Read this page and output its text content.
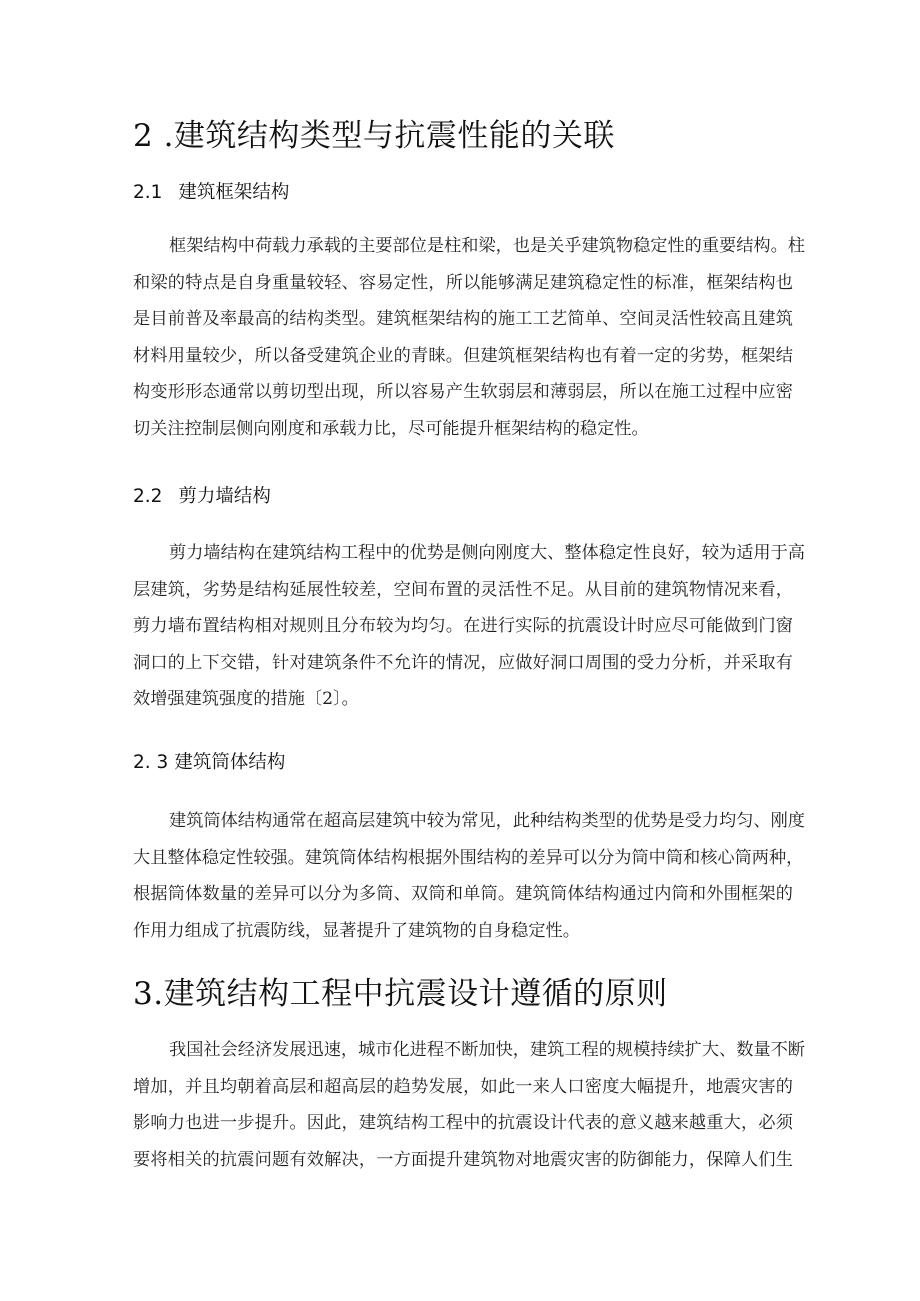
2 .建筑结构类型与抗震性能的关联
2.1 建筑框架结构
框架结构中荷载力承载的主要部位是柱和梁，也是关乎建筑物稳定性的重要结构。柱
和梁的特点是自身重量较轻、容易定性，所以能够满足建筑稳定性的标准，框架结构也
是目前普及率最高的结构类型。建筑框架结构的施工工艺简单、空间灵活性较高且建筑
材料用量较少，所以备受建筑企业的青睐。但建筑框架结构也有着一定的劣势，框架结
构变形形态通常以剪切型出现，所以容易产生软弱层和薄弱层，所以在施工过程中应密
切关注控制层侧向刚度和承载力比，尽可能提升框架结构的稳定性。
2.2 剪力墙结构
剪力墙结构在建筑结构工程中的优势是侧向刚度大、整体稳定性良好，较为适用于高
层建筑，劣势是结构延展性较差，空间布置的灵活性不足。从目前的建筑物情况来看，
剪力墙布置结构相对规则且分布较为均匀。在进行实际的抗震设计时应尽可能做到门窗
洞口的上下交错，针对建筑条件不允许的情况，应做好洞口周围的受力分析，并采取有
效增强建筑强度的措施〔2〕。
2. 3 建筑筒体结构
建筑筒体结构通常在超高层建筑中较为常见，此种结构类型的优势是受力均匀、刚度
大且整体稳定性较强。建筑筒体结构根据外围结构的差异可以分为筒中筒和核心筒两种，
根据筒体数量的差异可以分为多筒、双筒和单筒。建筑筒体结构通过内筒和外围框架的
作用力组成了抗震防线，显著提升了建筑物的自身稳定性。
3.建筑结构工程中抗震设计遵循的原则
我国社会经济发展迅速，城市化进程不断加快，建筑工程的规模持续扩大、数量不断
增加，并且均朝着高层和超高层的趋势发展，如此一来人口密度大幅提升，地震灾害的
影响力也进一步提升。因此，建筑结构工程中的抗震设计代表的意义越来越重大，必须
要将相关的抗震问题有效解决，一方面提升建筑物对地震灾害的防御能力，保障人们生
